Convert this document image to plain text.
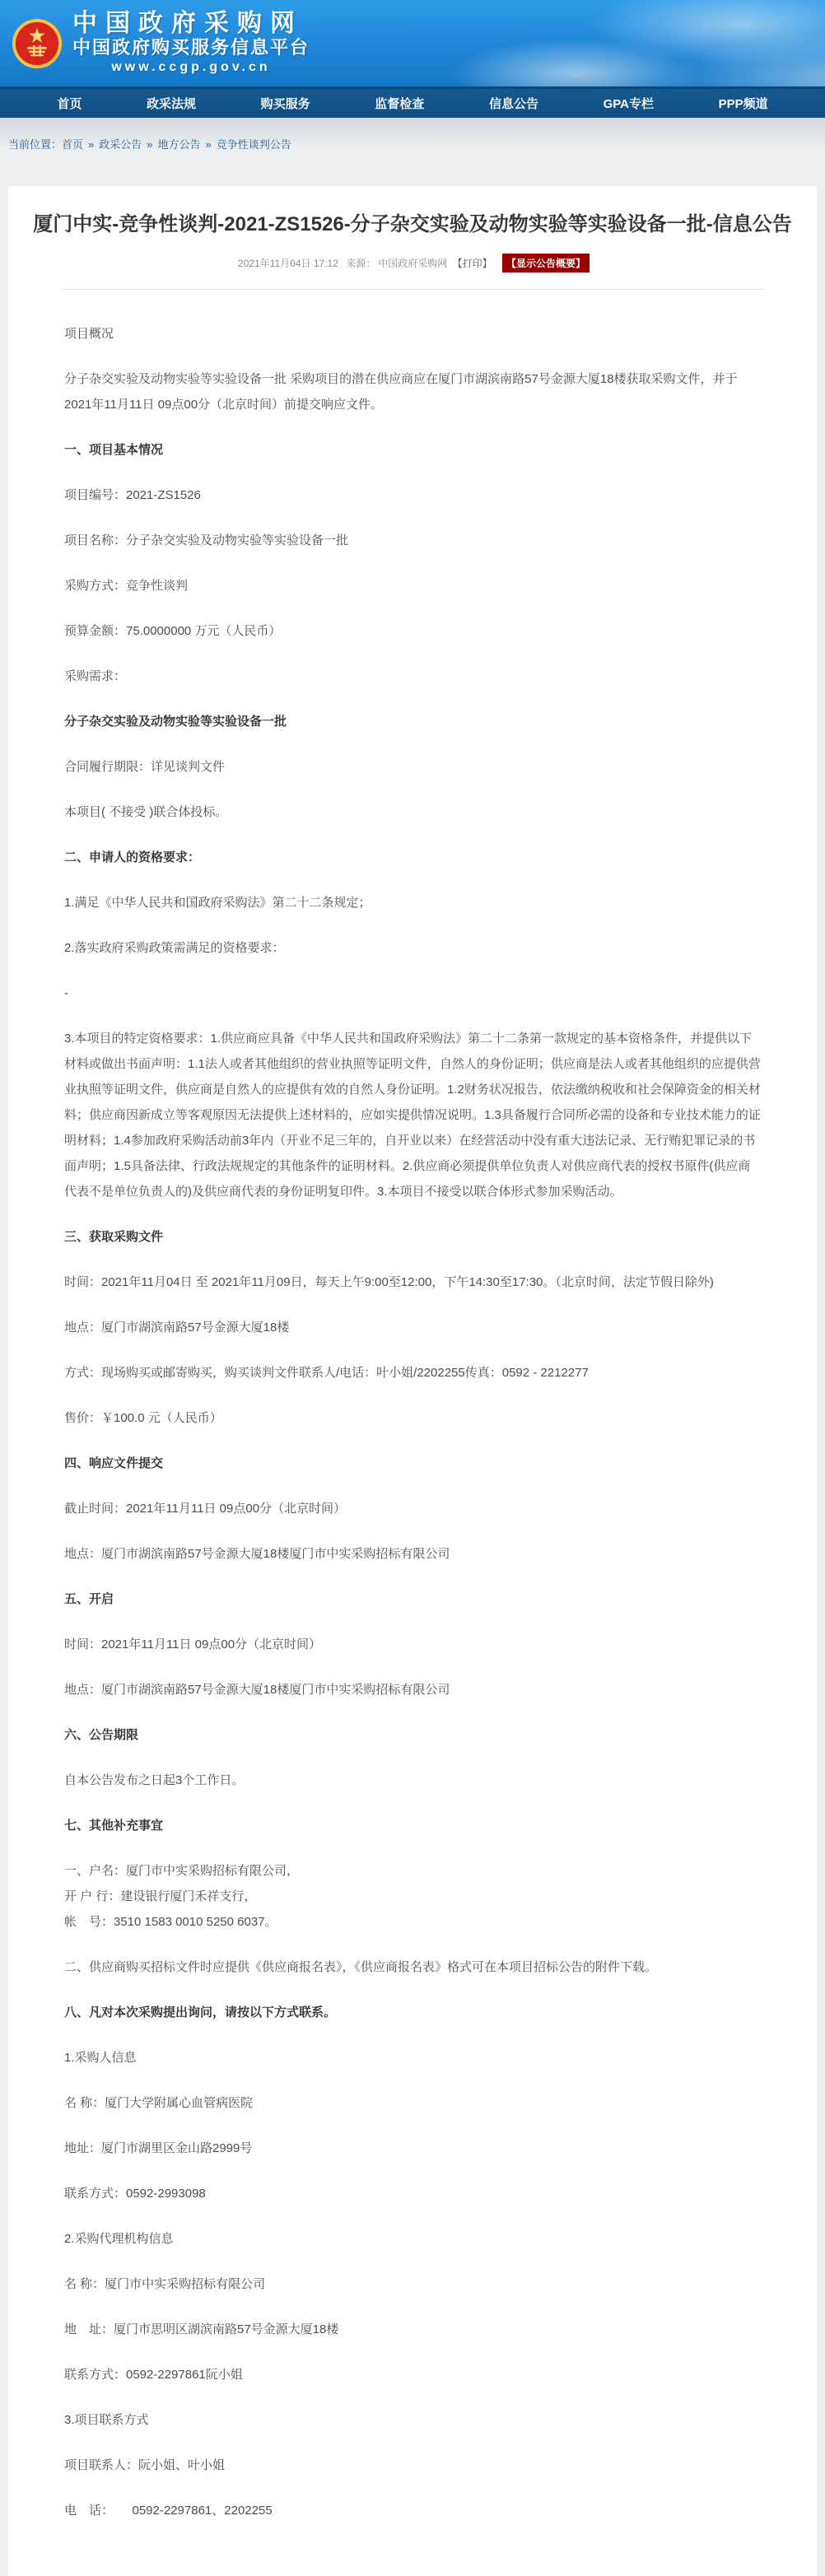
中国政府采购网
中国政府购买服务信息平台
www.ccgp.gov.cn
首页	政采法规	购买服务	监督检查	信息公告	GPA专栏	PPP频道
当前位置：首页 » 政采公告 » 地方公告 » 竞争性谈判公告
厦门中实-竞争性谈判-2021-ZS1526-分子杂交实验及动物实验等实验设备一批-信息公告
2021年11月04日 17:12 来源： 中国政府采购网 【打印】 【显示公告概要】

项目概况

分子杂交实验及动物实验等实验设备一批 采购项目的潜在供应商应在厦门市湖滨南路57号金源大厦18楼获取采购文件，并于2021年11月11日 09点00分（北京时间）前提交响应文件。

一、项目基本情况

项目编号：2021-ZS1526

项目名称：分子杂交实验及动物实验等实验设备一批

采购方式：竞争性谈判

预算金额：75.0000000 万元（人民币）

采购需求：

分子杂交实验及动物实验等实验设备一批

合同履行期限：详见谈判文件

本项目( 不接受 )联合体投标。

二、申请人的资格要求：

1.满足《中华人民共和国政府采购法》第二十二条规定；

2.落实政府采购政策需满足的资格要求：

-

3.本项目的特定资格要求：1.供应商应具备《中华人民共和国政府采购法》第二十二条第一款规定的基本资格条件，并提供以下材料或做出书面声明：1.1法人或者其他组织的营业执照等证明文件，自然人的身份证明；供应商是法人或者其他组织的应提供营业执照等证明文件，供应商是自然人的应提供有效的自然人身份证明。1.2财务状况报告，依法缴纳税收和社会保障资金的相关材料；供应商因新成立等客观原因无法提供上述材料的，应如实提供情况说明。1.3具备履行合同所必需的设备和专业技术能力的证明材料；1.4参加政府采购活动前3年内（开业不足三年的，自开业以来）在经营活动中没有重大违法记录、无行贿犯罪记录的书面声明；1.5具备法律、行政法规规定的其他条件的证明材料。2.供应商必须提供单位负责人对供应商代表的授权书原件(供应商代表不是单位负责人的)及供应商代表的身份证明复印件。3.本项目不接受以联合体形式参加采购活动。

三、获取采购文件

时间：2021年11月04日 至 2021年11月09日，每天上午9:00至12:00，下午14:30至17:30。（北京时间，法定节假日除外)

地点：厦门市湖滨南路57号金源大厦18楼

方式：现场购买或邮寄购买，购买谈判文件联系人/电话：叶小姐/2202255传真：0592 - 2212277

售价：￥100.0 元（人民币）

四、响应文件提交

截止时间：2021年11月11日 09点00分（北京时间）

地点：厦门市湖滨南路57号金源大厦18楼厦门市中实采购招标有限公司

五、开启

时间：2021年11月11日 09点00分（北京时间）

地点：厦门市湖滨南路57号金源大厦18楼厦门市中实采购招标有限公司

六、公告期限

自本公告发布之日起3个工作日。

七、其他补充事宜

一、户名：厦门市中实采购招标有限公司，
开 户 行：建设银行厦门禾祥支行，
帐　号：3510 1583 0010 5250 6037。

二、供应商购买招标文件时应提供《供应商报名表》，《供应商报名表》格式可在本项目招标公告的附件下载。

八、凡对本次采购提出询问，请按以下方式联系。

1.采购人信息

名 称：厦门大学附属心血管病医院

地址：厦门市湖里区金山路2999号

联系方式：0592-2993098

2.采购代理机构信息

名 称：厦门市中实采购招标有限公司

地　址：厦门市思明区湖滨南路57号金源大厦18楼

联系方式：0592-2297861阮小姐

3.项目联系方式

项目联系人：阮小姐、叶小姐

电　话：　　0592-2297861、2202255
